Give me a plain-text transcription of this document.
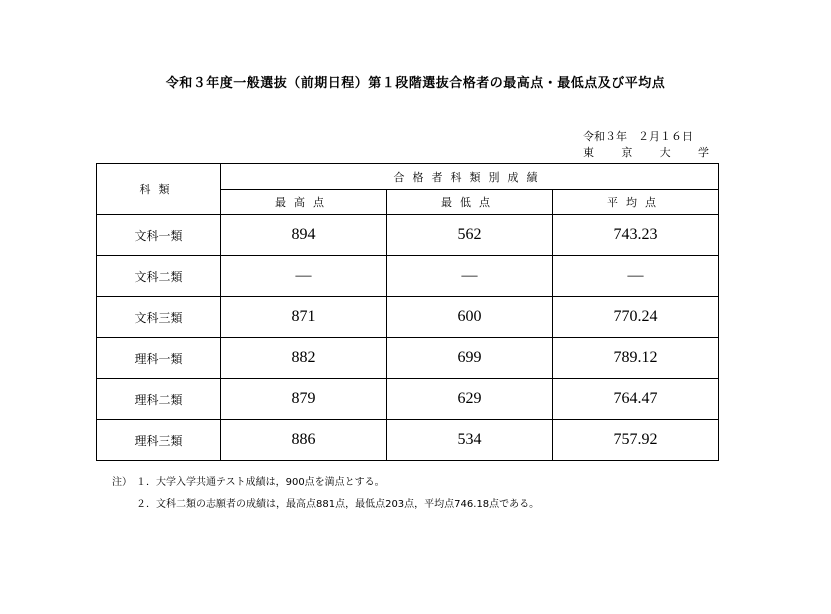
令和３年度一般選抜（前期日程）第１段階選抜合格者の最高点・最低点及び平均点
令和３年　２月１６日
東 京 大 学
科類	合格者科類別成績		
	最高点	最低点	平均点
文科一類	894	562	743.23
文科二類	—	—	—
文科三類	871	600	770.24
理科一類	882	699	789.12
理科二類	879	629	764.47
理科三類	886	534	757.92
注） １．大学入学共通テスト成績は，900点を満点とする。
２．文科二類の志願者の成績は，最高点881点，最低点203点，平均点746.18点である。
